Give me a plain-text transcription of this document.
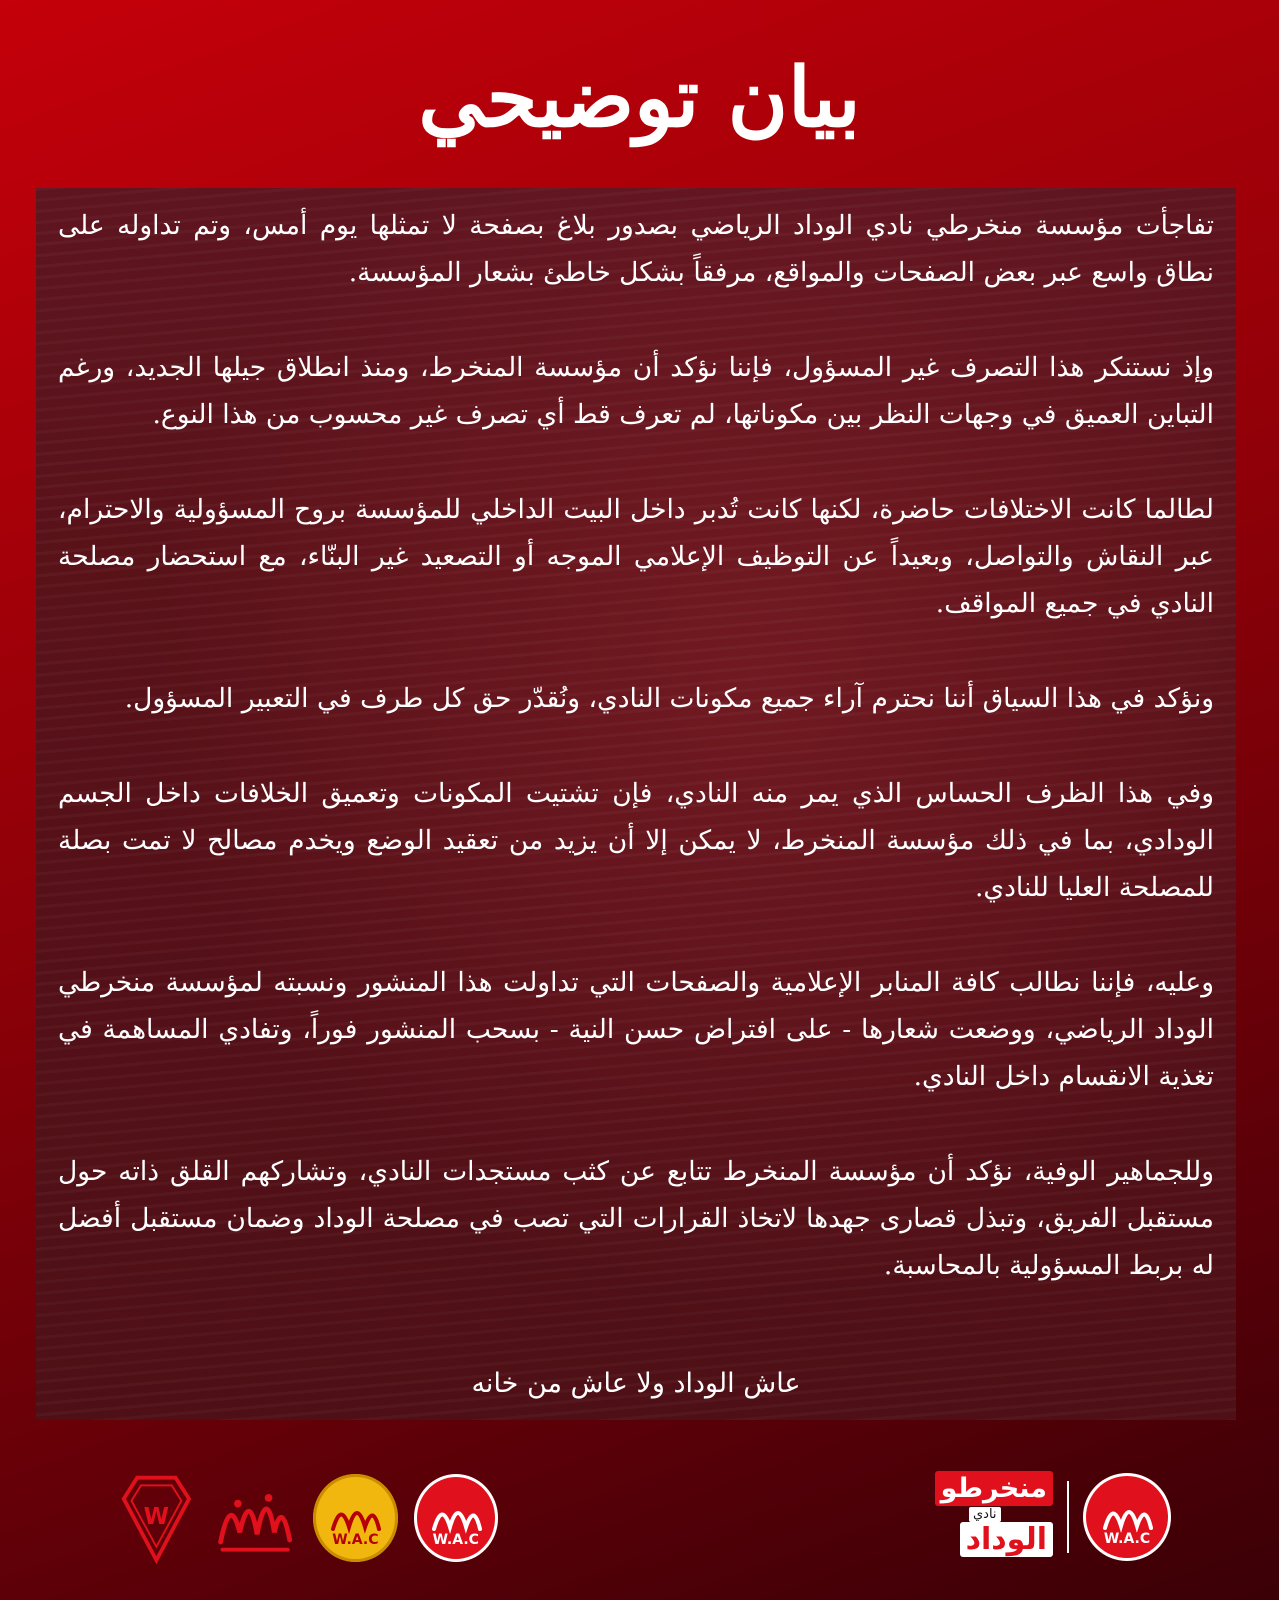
بيان توضيحي

تفاجأت مؤسسة منخرطي نادي الوداد الرياضي بصدور بلاغ بصفحة لا تمثلها يوم أمس، وتم تداوله على نطاق واسع عبر بعض الصفحات والمواقع، مرفقاً بشكل خاطئ بشعار المؤسسة.

وإذ نستنكر هذا التصرف غير المسؤول، فإننا نؤكد أن مؤسسة المنخرط، ومنذ انطلاق جيلها الجديد، ورغم التباين العميق في وجهات النظر بين مكوناتها، لم تعرف قط أي تصرف غير محسوب من هذا النوع.

لطالما كانت الاختلافات حاضرة، لكنها كانت تُدبر داخل البيت الداخلي للمؤسسة بروح المسؤولية والاحترام، عبر النقاش والتواصل، وبعيداً عن التوظيف الإعلامي الموجه أو التصعيد غير البنّاء، مع استحضار مصلحة النادي في جميع المواقف.

ونؤكد في هذا السياق أننا نحترم آراء جميع مكونات النادي، ونُقدّر حق كل طرف في التعبير المسؤول.

وفي هذا الظرف الحساس الذي يمر منه النادي، فإن تشتيت المكونات وتعميق الخلافات داخل الجسم الودادي، بما في ذلك مؤسسة المنخرط، لا يمكن إلا أن يزيد من تعقيد الوضع ويخدم مصالح لا تمت بصلة للمصلحة العليا للنادي.

وعليه، فإننا نطالب كافة المنابر الإعلامية والصفحات التي تداولت هذا المنشور ونسبته لمؤسسة منخرطي الوداد الرياضي، ووضعت شعارها - على افتراض حسن النية - بسحب المنشور فوراً، وتفادي المساهمة في تغذية الانقسام داخل النادي.

وللجماهير الوفية، نؤكد أن مؤسسة المنخرط تتابع عن كثب مستجدات النادي، وتشاركهم القلق ذاته حول مستقبل الفريق، وتبذل قصارى جهدها لاتخاذ القرارات التي تصب في مصلحة الوداد وضمان مستقبل أفضل له بربط المسؤولية بالمحاسبة.

عاش الوداد ولا عاش من خانه
W
W.A.C	W.A.C
منخرطو
نادي
الوداد	W.A.C
